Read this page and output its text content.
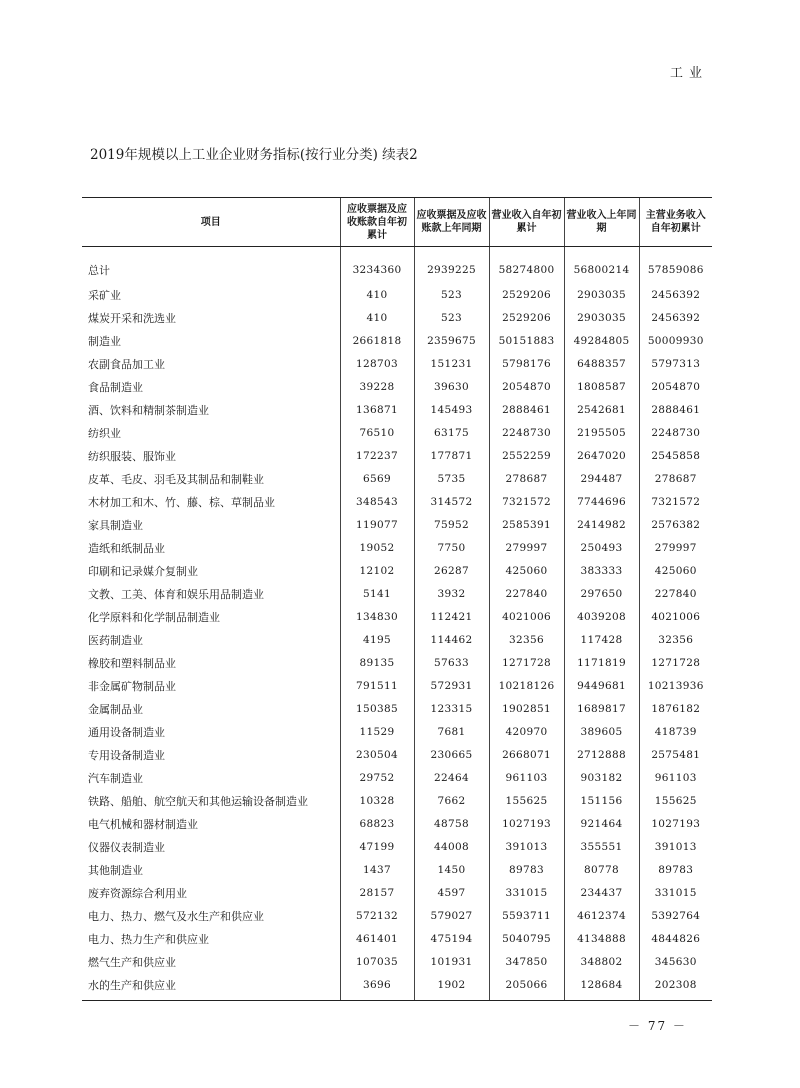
工业
2019年规模以上工业企业财务指标(按行业分类) 续表2
项目	应收票据及应收账款自年初累计	应收票据及应收账款上年同期	营业收入自年初累计	营业收入上年同期	主营业务收入自年初累计
总计	3234360	2939225	58274800	56800214	57859086
采矿业	410	523	2529206	2903035	2456392
煤炭开采和洗选业	410	523	2529206	2903035	2456392
制造业	2661818	2359675	50151883	49284805	50009930
农副食品加工业	128703	151231	5798176	6488357	5797313
食品制造业	39228	39630	2054870	1808587	2054870
酒、饮料和精制茶制造业	136871	145493	2888461	2542681	2888461
纺织业	76510	63175	2248730	2195505	2248730
纺织服装、服饰业	172237	177871	2552259	2647020	2545858
皮革、毛皮、羽毛及其制品和制鞋业	6569	5735	278687	294487	278687
木材加工和木、竹、藤、棕、草制品业	348543	314572	7321572	7744696	7321572
家具制造业	119077	75952	2585391	2414982	2576382
造纸和纸制品业	19052	7750	279997	250493	279997
印刷和记录媒介复制业	12102	26287	425060	383333	425060
文教、工美、体育和娱乐用品制造业	5141	3932	227840	297650	227840
化学原料和化学制品制造业	134830	112421	4021006	4039208	4021006
医药制造业	4195	114462	32356	117428	32356
橡胶和塑料制品业	89135	57633	1271728	1171819	1271728
非金属矿物制品业	791511	572931	10218126	9449681	10213936
金属制品业	150385	123315	1902851	1689817	1876182
通用设备制造业	11529	7681	420970	389605	418739
专用设备制造业	230504	230665	2668071	2712888	2575481
汽车制造业	29752	22464	961103	903182	961103
铁路、船舶、航空航天和其他运输设备制造业	10328	7662	155625	151156	155625
电气机械和器材制造业	68823	48758	1027193	921464	1027193
仪器仪表制造业	47199	44008	391013	355551	391013
其他制造业	1437	1450	89783	80778	89783
废弃资源综合利用业	28157	4597	331015	234437	331015
电力、热力、燃气及水生产和供应业	572132	579027	5593711	4612374	5392764
电力、热力生产和供应业	461401	475194	5040795	4134888	4844826
燃气生产和供应业	107035	101931	347850	348802	345630
水的生产和供应业	3696	1902	205066	128684	202308
－ 77 －
